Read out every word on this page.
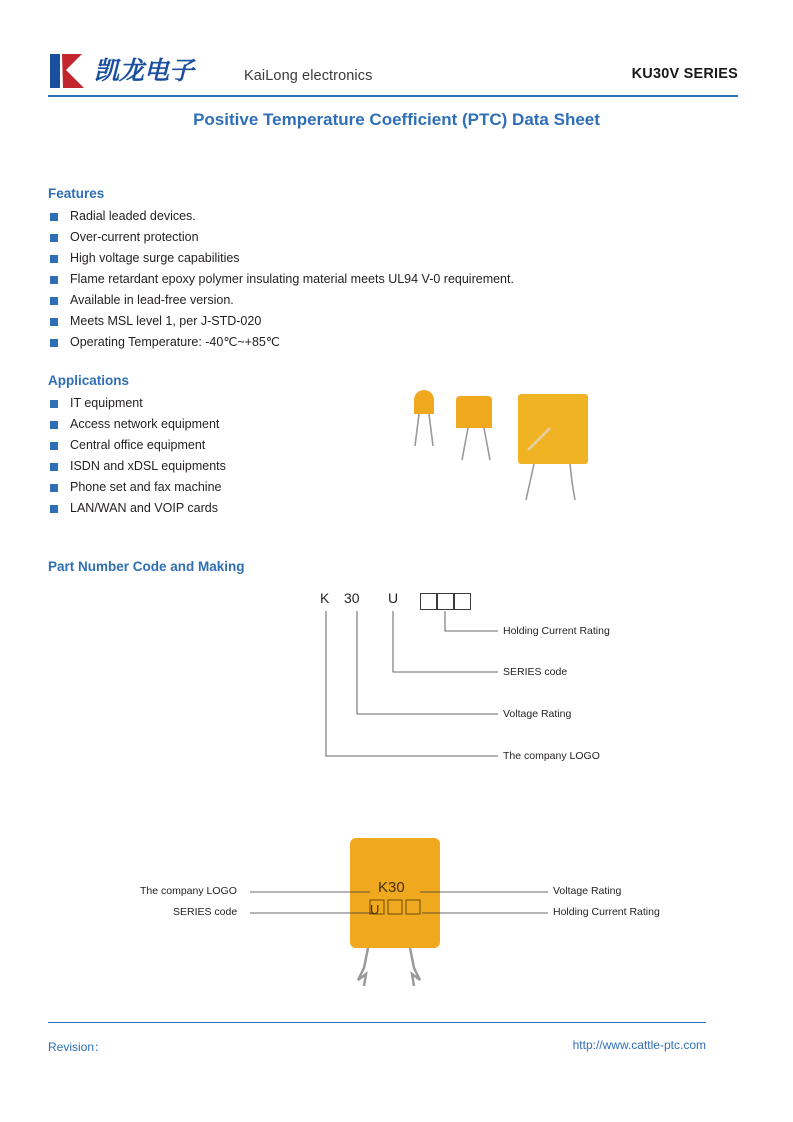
凯龙电子	KaiLong electronics	KU30V SERIES
Positive Temperature Coefficient (PTC) Data Sheet
Features
Radial leaded devices.
Over-current protection
High voltage surge capabilities
Flame retardant epoxy polymer insulating material meets UL94 V-0 requirement.
Available in lead-free version.
Meets MSL level 1, per J-STD-020
Operating Temperature: -40℃~+85℃
Applications
IT equipment
Access network equipment
Central office equipment
ISDN and xDSL equipments
Phone set and fax machine
LAN/WAN and VOIP cards
Part Number Code and Making
K 30 U
Holding Current Rating
SERIES code
Voltage Rating
The company LOGO
K30
U
The company LOGO
SERIES code
Voltage Rating
Holding Current Rating
Revision：	http://www.cattle-ptc.com
